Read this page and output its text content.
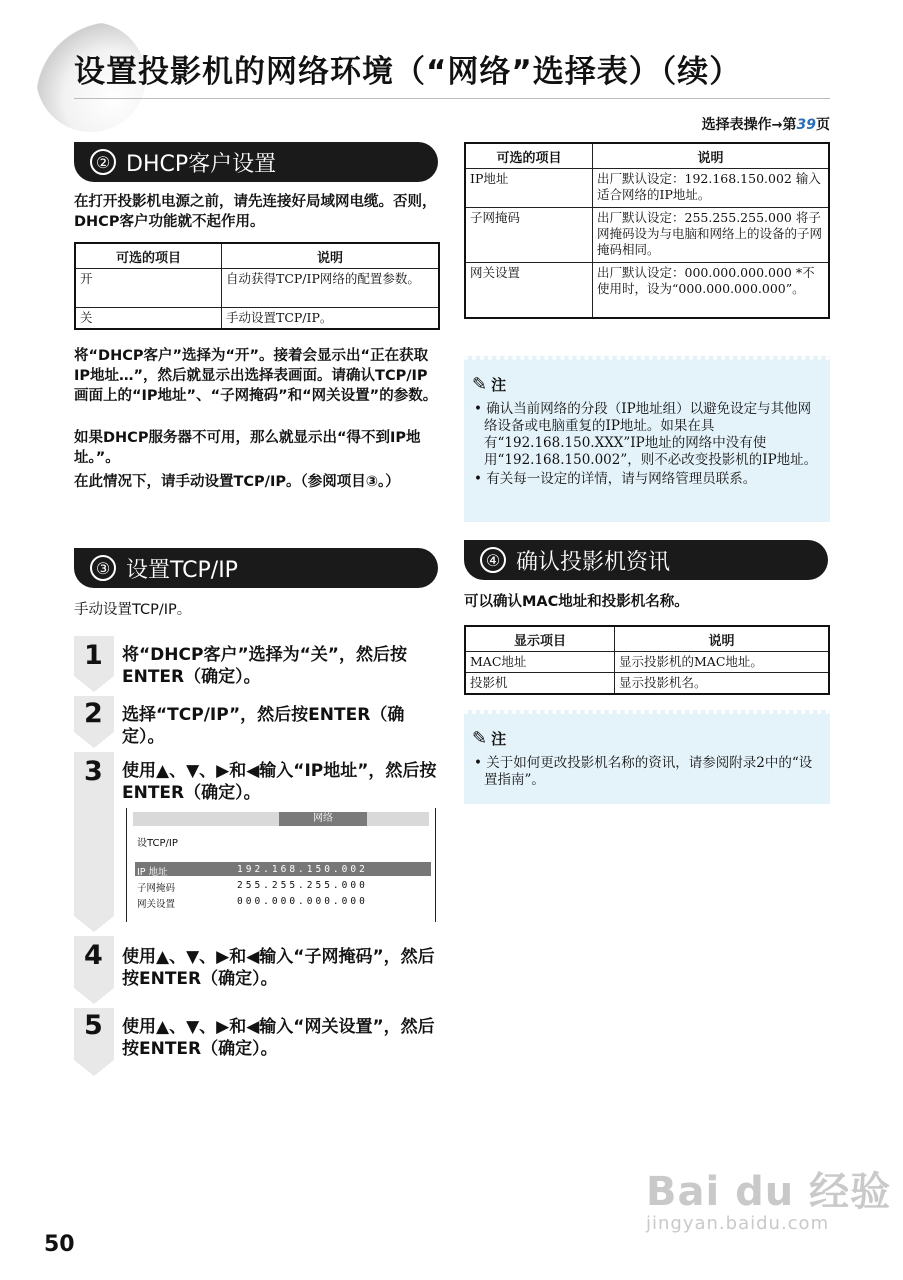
设置投影机的网络环境（“网络”选择表）（续）
选择表操作→第39页
② DHCP客户设置
在打开投影机电源之前，请先连接好局域网电缆。否则，DHCP客户功能就不起作用。
可选的项目	说明
开	自动获得TCP/IP网络的配置参数。
关	手动设置TCP/IP。
将“DHCP客户”选择为“开”。接着会显示出“正在获取IP地址…”，然后就显示出选择表画面。请确认TCP/IP画面上的“IP地址”、“子网掩码”和“网关设置”的参数。
如果DHCP服务器不可用，那么就显示出“得不到IP地址。”。
在此情况下，请手动设置TCP/IP。（参阅项目③。）
③ 设置TCP/IP
手动设置TCP/IP。
1 将“DHCP客户”选择为“关”，然后按ENTER（确定）。
2 选择“TCP/IP”，然后按ENTER（确定）。
3 使用▲、▼、▶和◀输入“IP地址”，然后按ENTER（确定）。
网络
设TCP/IP
IP 地址	192.168.150.002
子网掩码	255.255.255.000
网关设置	000.000.000.000
4 使用▲、▼、▶和◀输入“子网掩码”，然后按ENTER（确定）。
5 使用▲、▼、▶和◀输入“网关设置”，然后按ENTER（确定）。
可选的项目	说明
IP地址	出厂默认设定：192.168.150.002 输入适合网络的IP地址。
子网掩码	出厂默认设定：255.255.255.000 将子网掩码设为与电脑和网络上的设备的子网掩码相同。
网关设置	出厂默认设定：000.000.000.000 *不使用时，设为“000.000.000.000”。
✎ 注
• 确认当前网络的分段（IP地址组）以避免设定与其他网络设备或电脑重复的IP地址。如果在具有“192.168.150.XXX”IP地址的网络中没有使用“192.168.150.002”，则不必改变投影机的IP地址。
• 有关每一设定的详情，请与网络管理员联系。
④ 确认投影机资讯
可以确认MAC地址和投影机名称。
显示项目	说明
MAC地址	显示投影机的MAC地址。
投影机	显示投影机名。
✎ 注
• 关于如何更改投影机名称的资讯，请参阅附录2中的“设置指南”。
50
Bai du 经验
jingyan.baidu.com
